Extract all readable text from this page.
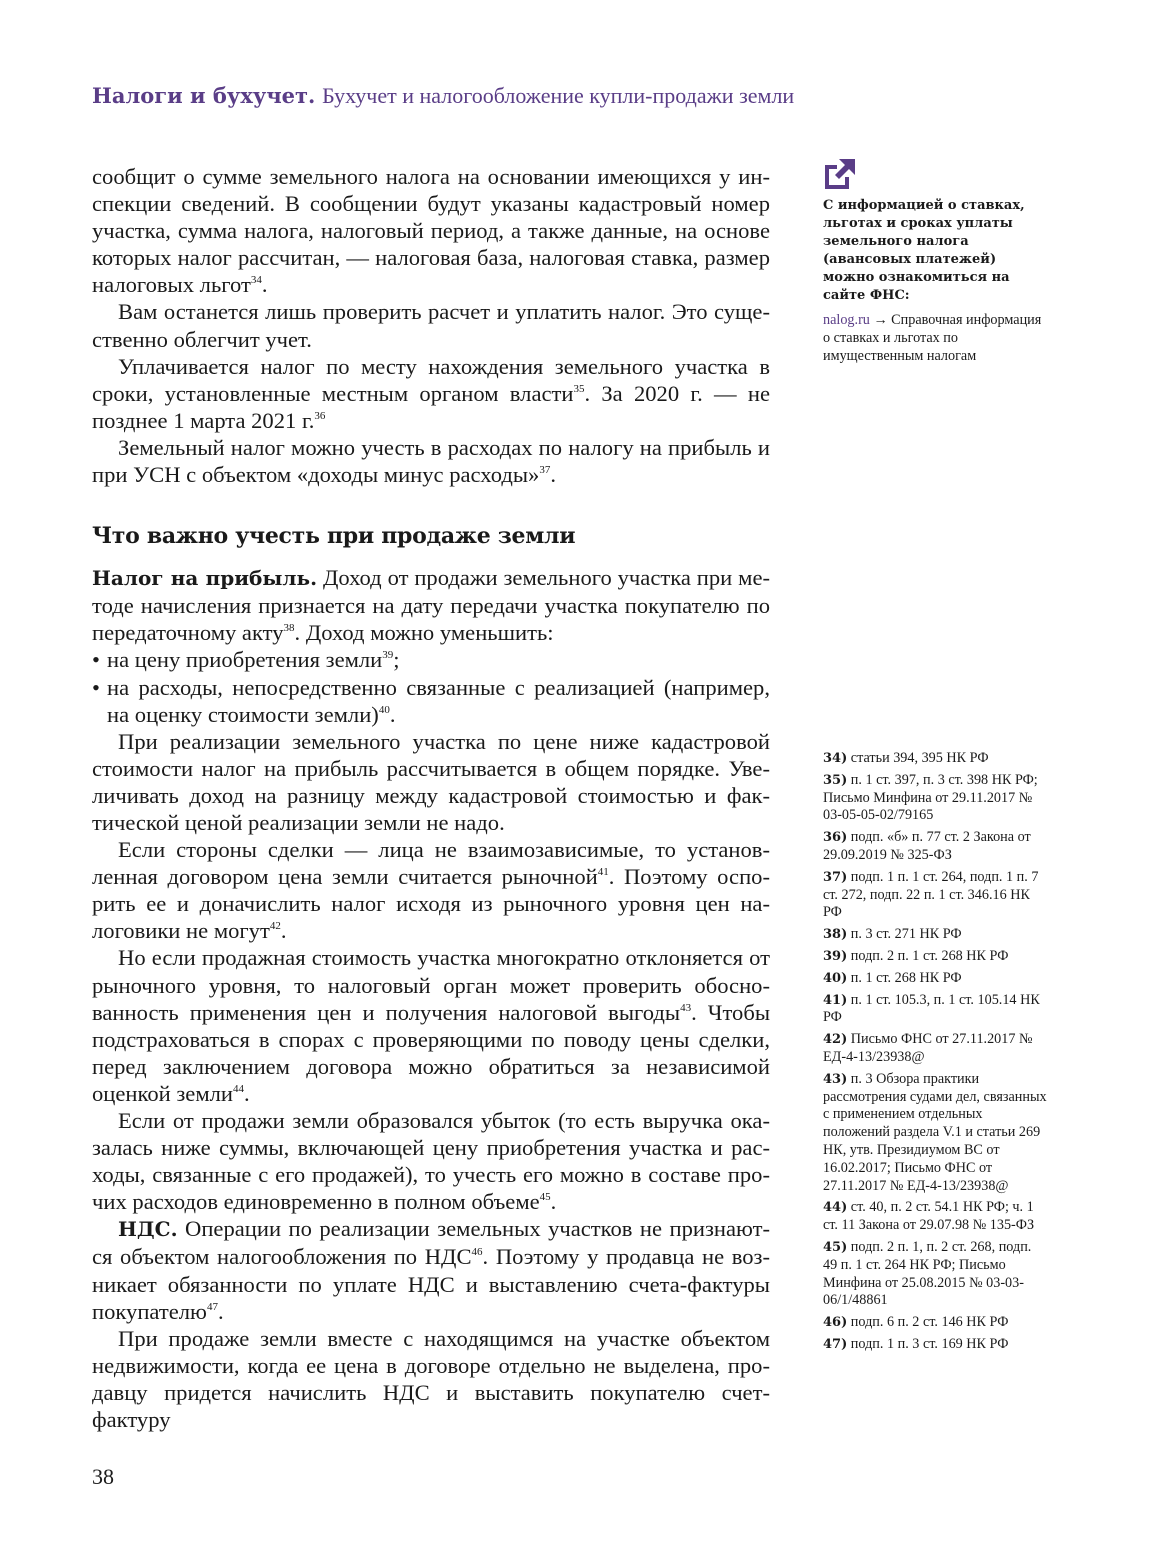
Налоги и бухучет. Бухучет и налогообложение купли-продажи земли

сообщит о сумме земельного налога на основании имеющихся у инспекции сведений. В сообщении будут указаны кадастровый номер участка, сумма налога, налоговый период, а также данные, на основе которых налог рассчитан, — налоговая база, налоговая ставка, размер налоговых льгот$^{34}$.

Вам останется лишь проверить расчет и уплатить налог. Это существенно облегчит учет.

Уплачивается налог по месту нахождения земельного участка в сроки, установленные местным органом власти$^{35}$. За 2020 г. — не позднее 1 марта 2021 г.$^{36}$

Земельный налог можно учесть в расходах по налогу на прибыль и при УСН с объектом «доходы минус расходы»$^{37}$.

Что важно учесть при продаже земли

Налог на прибыль. Доход от продажи земельного участка при методе начисления признается на дату передачи участка покупателю по передаточному акту$^{38}$. Доход можно уменьшить:

• на цену приобретения земли$^{39}$;
• на расходы, непосредственно связанные с реализацией (например, на оценку стоимости земли)$^{40}$.

При реализации земельного участка по цене ниже кадастровой стоимости налог на прибыль рассчитывается в общем порядке. Увеличивать доход на разницу между кадастровой стоимостью и фактической ценой реализации земли не надо.

Если стороны сделки — лица не взаимозависимые, то установленная договором цена земли считается рыночной$^{41}$. Поэтому оспорить ее и доначислить налог исходя из рыночного уровня цен налоговики не могут$^{42}$.

Но если продажная стоимость участка многократно отклоняется от рыночного уровня, то налоговый орган может проверить обоснованность применения цен и получения налоговой выгоды$^{43}$. Чтобы подстраховаться в спорах с проверяющими по поводу цены сделки, перед заключением договора можно обратиться за независимой оценкой земли$^{44}$.

Если от продажи земли образовался убыток (то есть выручка оказалась ниже суммы, включающей цену приобретения участка и расходы, связанные с его продажей), то учесть его можно в составе прочих расходов единовременно в полном объеме$^{45}$.

НДС. Операции по реализации земельных участков не признаются объектом налогообложения по НДС$^{46}$. Поэтому у продавца не возникает обязанности по уплате НДС и выставлению счета-фактуры покупателю$^{47}$.

При продаже земли вместе с находящимся на участке объектом недвижимости, когда ее цена в договоре отдельно не выделена, продавцу придется начислить НДС и выставить покупателю счет-фактуру

С информацией о ставках, льготах и сроках уплаты земельного налога (авансовых платежей) можно ознакомиться на сайте ФНС:

nalog.ru → Справочная информация о ставках и льготах по имущественным налогам

34) статьи 394, 395 НК РФ

35) п. 1 ст. 397, п. 3 ст. 398 НК РФ; Письмо Минфина от 29.11.2017 № 03-05-05-02/79165

36) подп. «б» п. 77 ст. 2 Закона от 29.09.2019 № 325-ФЗ

37) подп. 1 п. 1 ст. 264, подп. 1 п. 7 ст. 272, подп. 22 п. 1 ст. 346.16 НК РФ

38) п. 3 ст. 271 НК РФ

39) подп. 2 п. 1 ст. 268 НК РФ

40) п. 1 ст. 268 НК РФ

41) п. 1 ст. 105.3, п. 1 ст. 105.14 НК РФ

42) Письмо ФНС от 27.11.2017 № ЕД-4-13/23938@

43) п. 3 Обзора практики рассмотрения судами дел, связанных с применением отдельных положений раздела V.1 и статьи 269 НК, утв. Президиумом ВС от 16.02.2017; Письмо ФНС от 27.11.2017 № ЕД-4-13/23938@

44) ст. 40, п. 2 ст. 54.1 НК РФ; ч. 1 ст. 11 Закона от 29.07.98 № 135-ФЗ

45) подп. 2 п. 1, п. 2 ст. 268, подп. 49 п. 1 ст. 264 НК РФ; Письмо Минфина от 25.08.2015 № 03-03-06/1/48861

46) подп. 6 п. 2 ст. 146 НК РФ

47) подп. 1 п. 3 ст. 169 НК РФ

38
